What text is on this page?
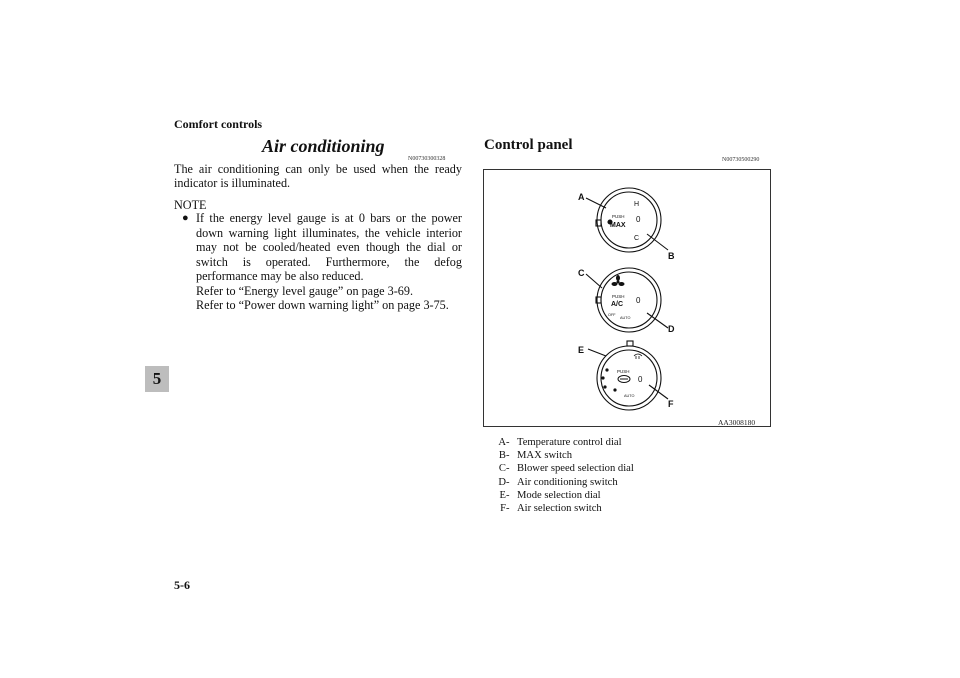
Comfort controls
5
Air conditioning
N00730300328
The air conditioning can only be used when the ready indicator is illuminated.
NOTE
● If the energy level gauge is at 0 bars or the power down warning light illuminates, the vehicle interior may not be cooled/heated even though the dial or switch is operated. Furthermore, the defog performance may be also reduced.
Refer to “Energy level gauge” on page 3-69.
Refer to “Power down warning light” on page 3-75.
Control panel
N00730500290
H
PUSH
MAX
0
C
PUSH
A/C 0
OFF
AUTO
PUSH
0
AUTO
A
B
C
D
E
F
AA3008180
A- Temperature control dial
B- MAX switch
C- Blower speed selection dial
D- Air conditioning switch
E- Mode selection dial
F- Air selection switch
5-6
